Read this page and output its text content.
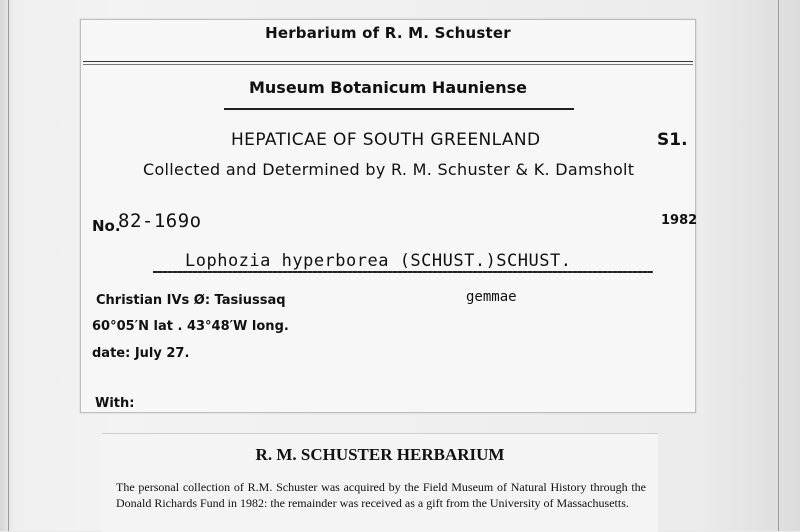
Herbarium of R. M. Schuster
Museum Botanicum Hauniense
HEPATICAE OF SOUTH GREENLAND	S1.
Collected and Determined by R. M. Schuster & K. Damsholt
No.
82-169o	1982
Lophozia hyperborea (SCHUST.)SCHUST.
Christian IVs Ø: Tasiussaq	gemmae
60°05′N lat . 43°48′W long.
date: July 27.
With:
R. M. SCHUSTER HERBARIUM
The personal collection of R.M. Schuster was acquired by the Field Museum of Natural History through the Donald Richards Fund in 1982: the remainder was received as a gift from the University of Massachusetts.
